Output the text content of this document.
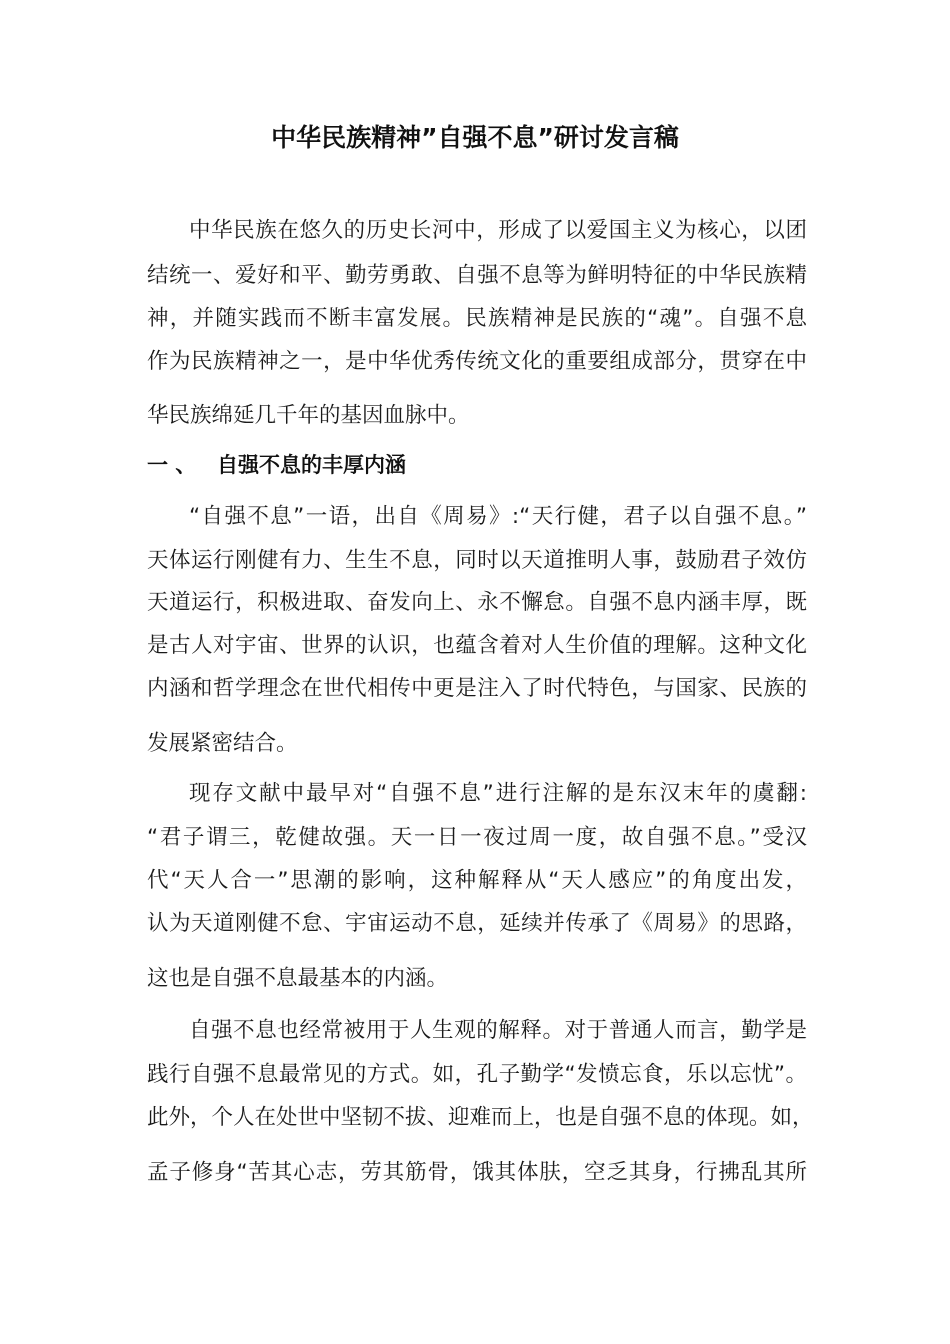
中华民族精神”自强不息”研讨发言稿
中华民族在悠久的历史长河中，形成了以爱国主义为核心，以团
结统一、爱好和平、勤劳勇敢、自强不息等为鲜明特征的中华民族精
神，并随实践而不断丰富发展。民族精神是民族的“魂”。自强不息
作为民族精神之一，是中华优秀传统文化的重要组成部分，贯穿在中
华民族绵延几千年的基因血脉中。
一 、 自强不息的丰厚内涵
“自强不息”一语，出自《周易》:“天行健，君子以自强不息。”
天体运行刚健有力、生生不息，同时以天道推明人事，鼓励君子效仿
天道运行，积极进取、奋发向上、永不懈怠。自强不息内涵丰厚，既
是古人对宇宙、世界的认识，也蕴含着对人生价值的理解。这种文化
内涵和哲学理念在世代相传中更是注入了时代特色，与国家、民族的
发展紧密结合。
现存文献中最早对“自强不息”进行注解的是东汉末年的虞翻:
“君子谓三，乾健故强。天一日一夜过周一度，故自强不息。”受汉
代“天人合一”思潮的影响，这种解释从“天人感应”的角度出发，
认为天道刚健不怠、宇宙运动不息，延续并传承了《周易》的思路，
这也是自强不息最基本的内涵。
自强不息也经常被用于人生观的解释。对于普通人而言，勤学是
践行自强不息最常见的方式。如，孔子勤学“发愤忘食，乐以忘忧”。
此外，个人在处世中坚韧不拔、迎难而上，也是自强不息的体现。如，
孟子修身“苦其心志，劳其筋骨，饿其体肤，空乏其身，行拂乱其所
